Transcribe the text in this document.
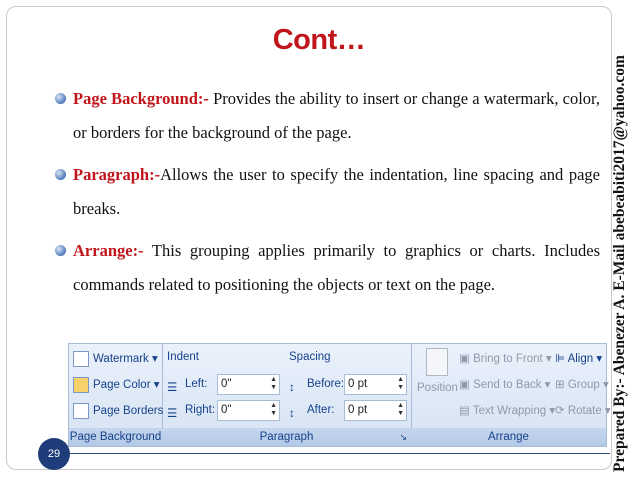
Cont…
Page Background:- Provides the ability to insert or change a watermark, color, or borders for the background of the page.
Paragraph:-Allows the user to specify the indentation, line spacing and page breaks.
Arrange:- This grouping applies primarily to graphics or charts. Includes commands related to positioning the objects or text on the page.
Watermark ▾
Page Color ▾
Page Borders
Page Background
Indent
☰ Left:	0"	▲
▼
☰ Right: 0"	▲
▼
Spacing
↕ Before: 0 pt	▲
▼
↕ After:	0 pt	▲
▼
Paragraph	↘
Position
▣ Bring to Front ▾
▣ Send to Back ▾
▤ Text Wrapping ▾
⊫ Align ▾
⊞ Group ▾
⟳ Rotate ▾
Arrange
29	Prepared By:- Abenezer A. E-Mail abebeabiti2017@yahoo.com
